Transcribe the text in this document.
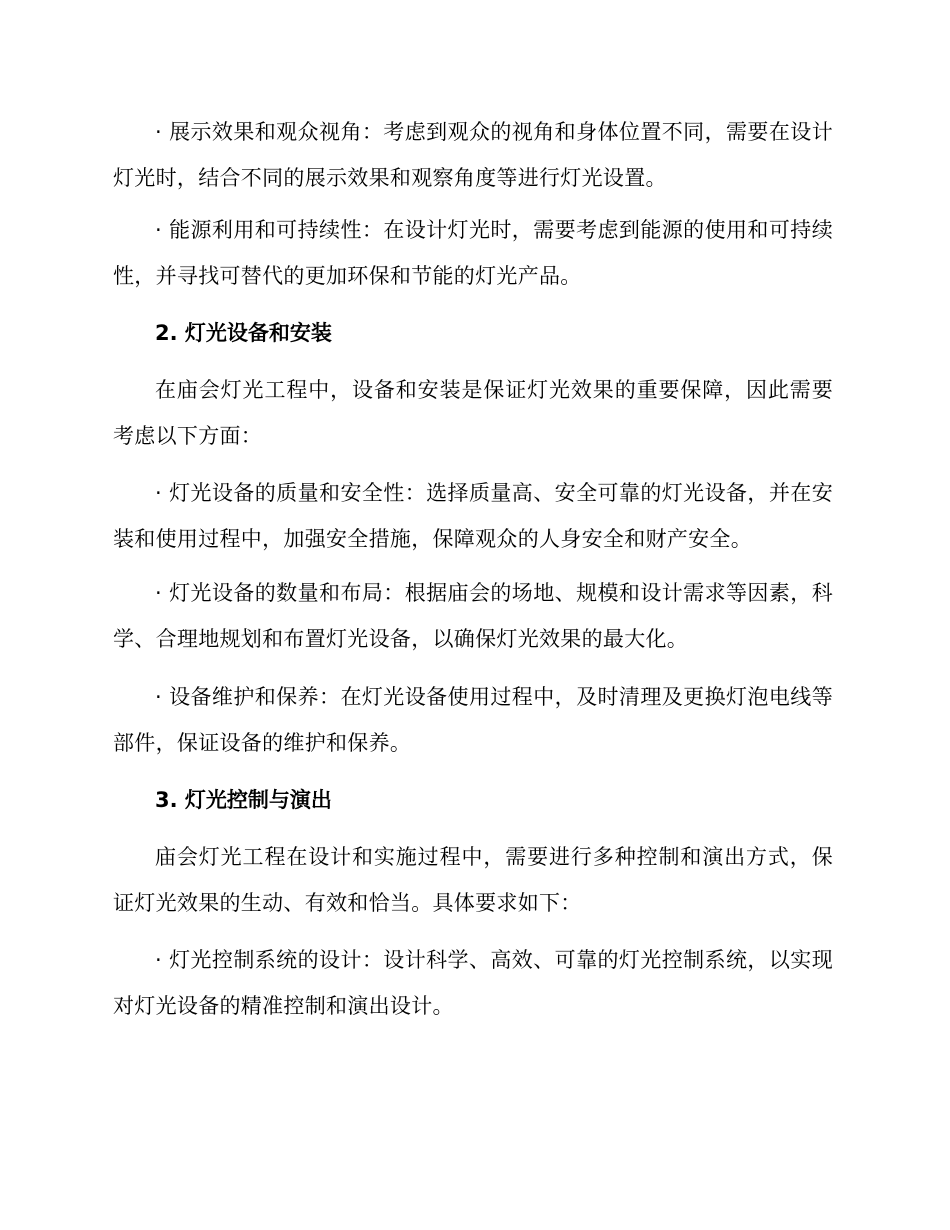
· 展示效果和观众视角：考虑到观众的视角和身体位置不同，需要在设计灯光时，结合不同的展示效果和观察角度等进行灯光设置。

· 能源利用和可持续性：在设计灯光时，需要考虑到能源的使用和可持续性，并寻找可替代的更加环保和节能的灯光产品。

2. 灯光设备和安装

在庙会灯光工程中，设备和安装是保证灯光效果的重要保障，因此需要考虑以下方面：

· 灯光设备的质量和安全性：选择质量高、安全可靠的灯光设备，并在安装和使用过程中，加强安全措施，保障观众的人身安全和财产安全。

· 灯光设备的数量和布局：根据庙会的场地、规模和设计需求等因素，科学、合理地规划和布置灯光设备，以确保灯光效果的最大化。

· 设备维护和保养：在灯光设备使用过程中，及时清理及更换灯泡电线等部件，保证设备的维护和保养。

3. 灯光控制与演出

庙会灯光工程在设计和实施过程中，需要进行多种控制和演出方式，保证灯光效果的生动、有效和恰当。具体要求如下：

· 灯光控制系统的设计：设计科学、高效、可靠的灯光控制系统，以实现对灯光设备的精准控制和演出设计。
